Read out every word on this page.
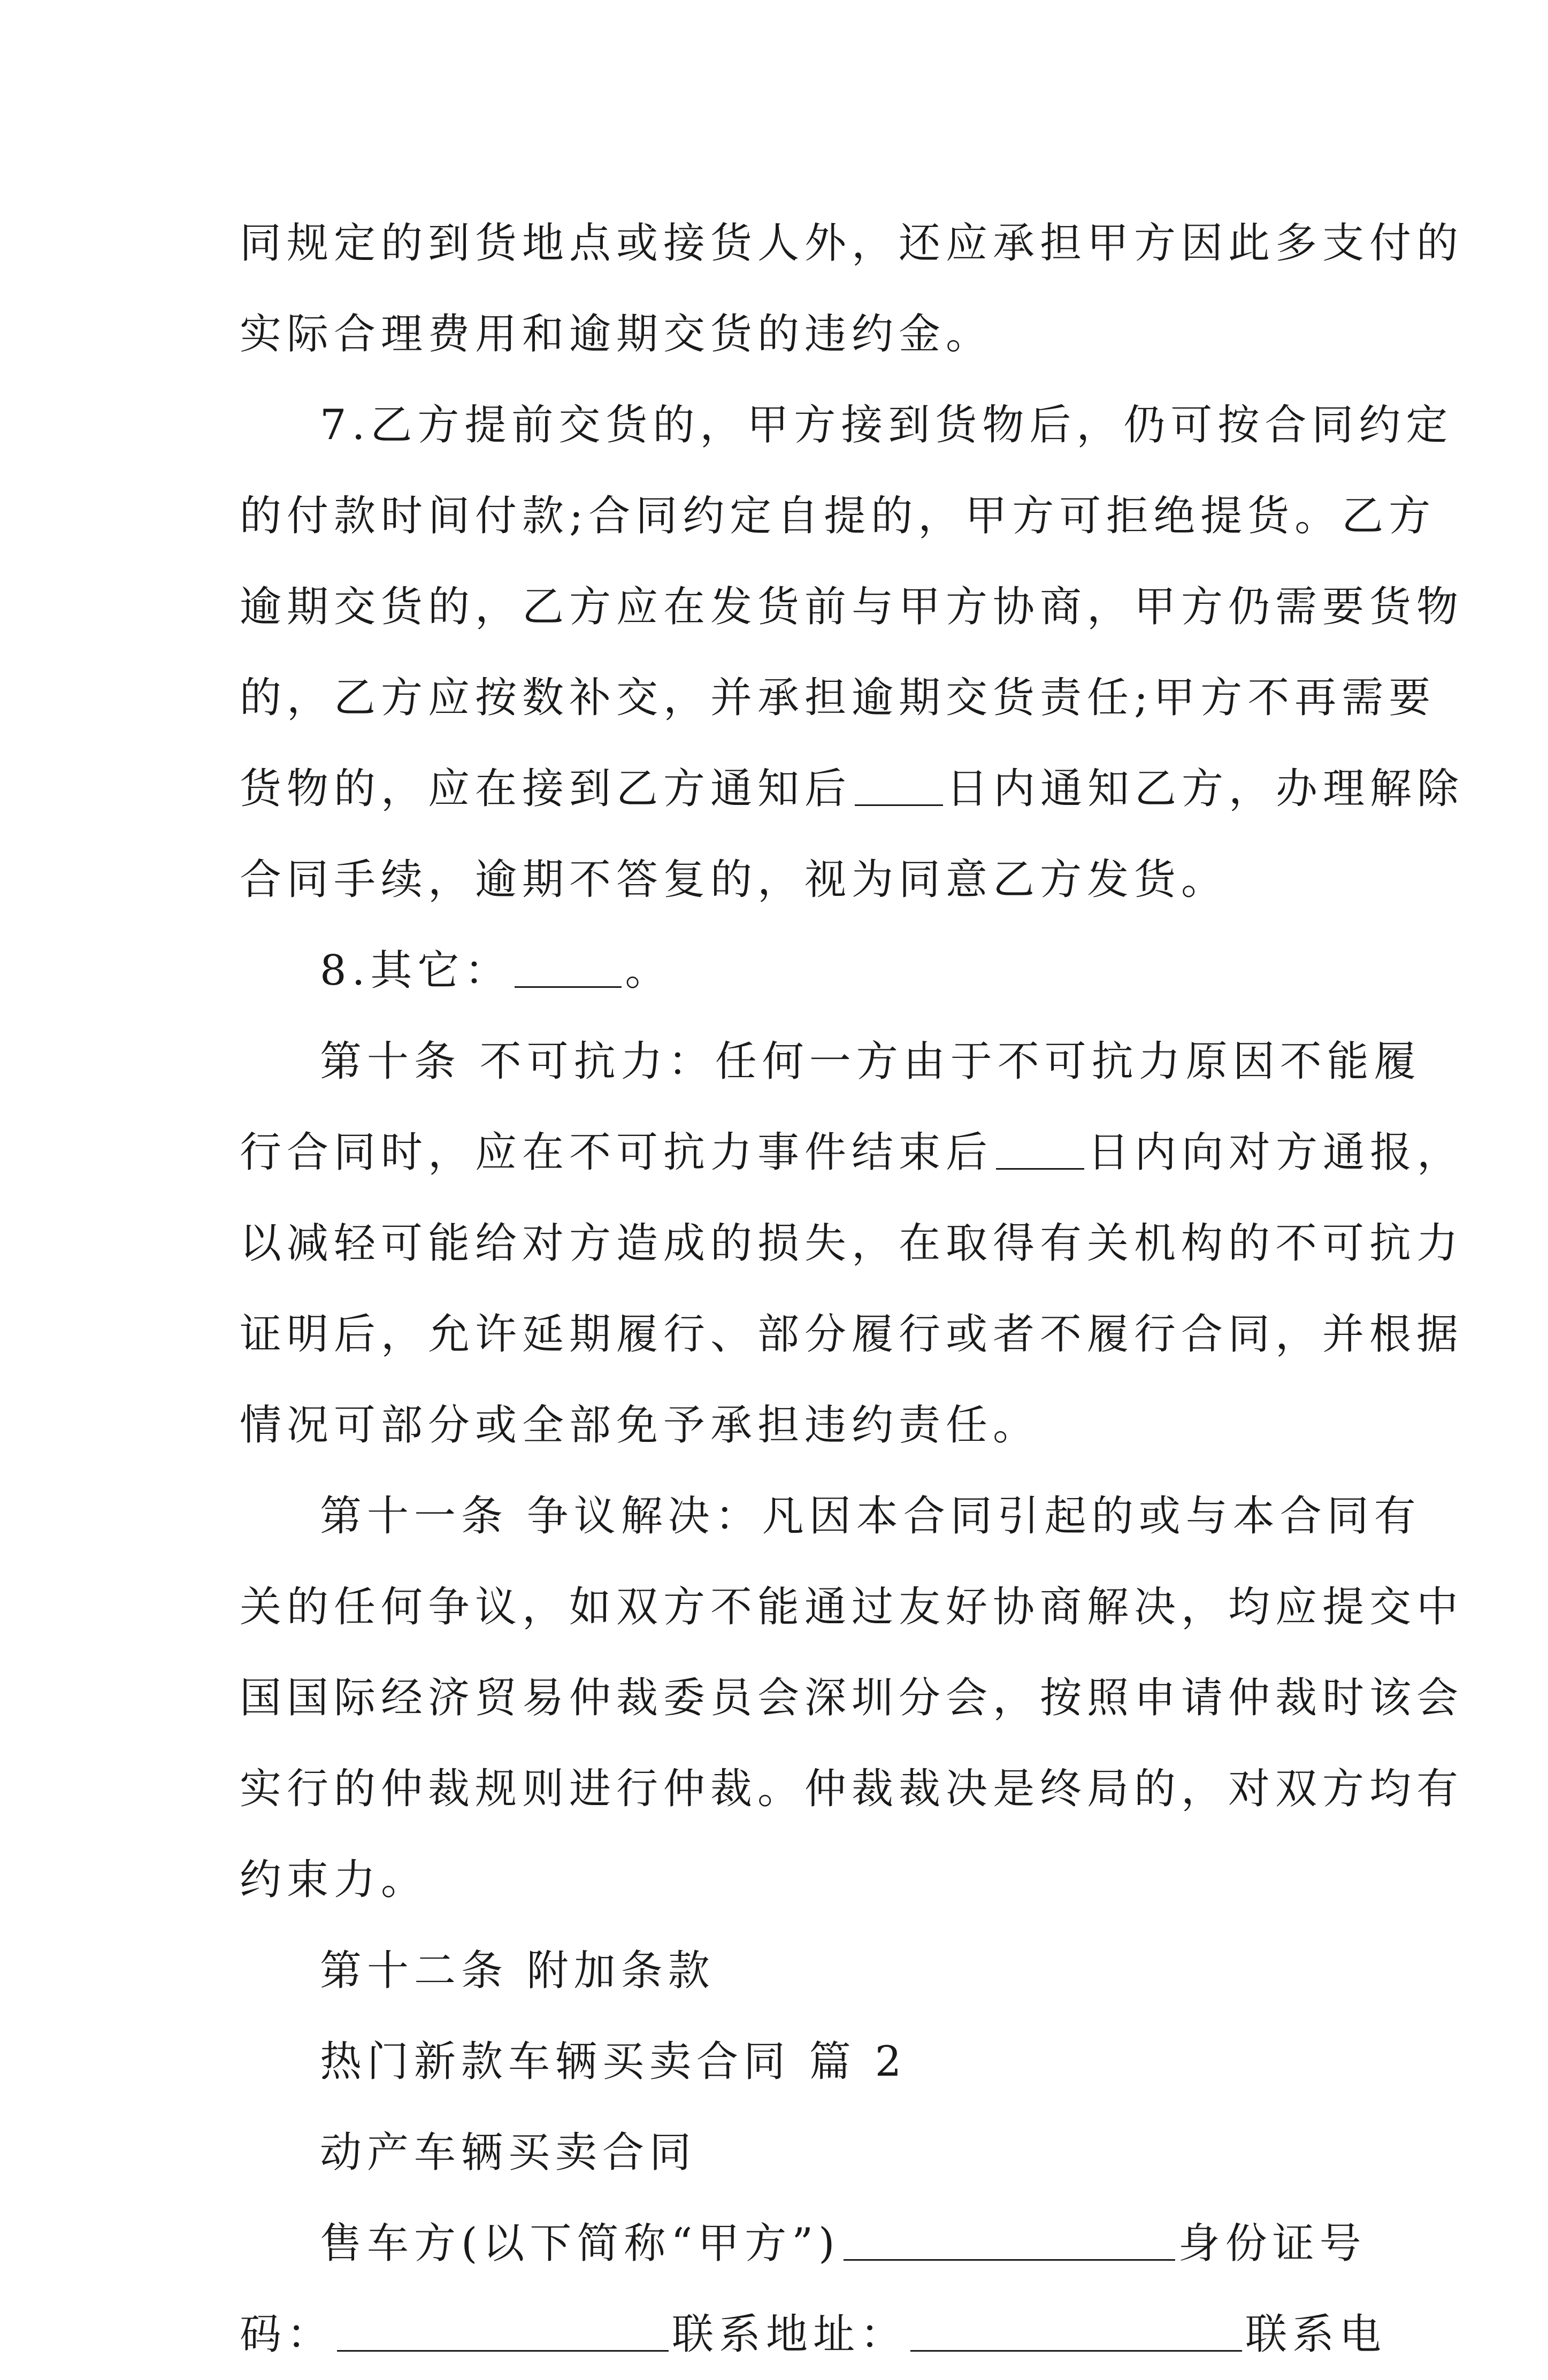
同规定的到货地点或接货人外，还应承担甲方因此多支付的
实际合理费用和逾期交货的违约金。
7.乙方提前交货的，甲方接到货物后，仍可按合同约定
的付款时间付款;合同约定自提的，甲方可拒绝提货。乙方
逾期交货的，乙方应在发货前与甲方协商，甲方仍需要货物
的，乙方应按数补交，并承担逾期交货责任;甲方不再需要
货物的，应在接到乙方通知后 日内通知乙方，办理解除
合同手续，逾期不答复的，视为同意乙方发货。
8.其它：	。
第十条 不可抗力：任何一方由于不可抗力原因不能履
行合同时，应在不可抗力事件结束后 日内向对方通报，
以减轻可能给对方造成的损失，在取得有关机构的不可抗力
证明后，允许延期履行、部分履行或者不履行合同，并根据
情况可部分或全部免予承担违约责任。
第十一条 争议解决：凡因本合同引起的或与本合同有
关的任何争议，如双方不能通过友好协商解决，均应提交中
国国际经济贸易仲裁委员会深圳分会，按照申请仲裁时该会
实行的仲裁规则进行仲裁。仲裁裁决是终局的，对双方均有
约束力。
第十二条 附加条款
热门新款车辆买卖合同 篇 2
动产车辆买卖合同
售车方(以下简称“甲方”)	身份证号
码：	联系地址：	联系电
